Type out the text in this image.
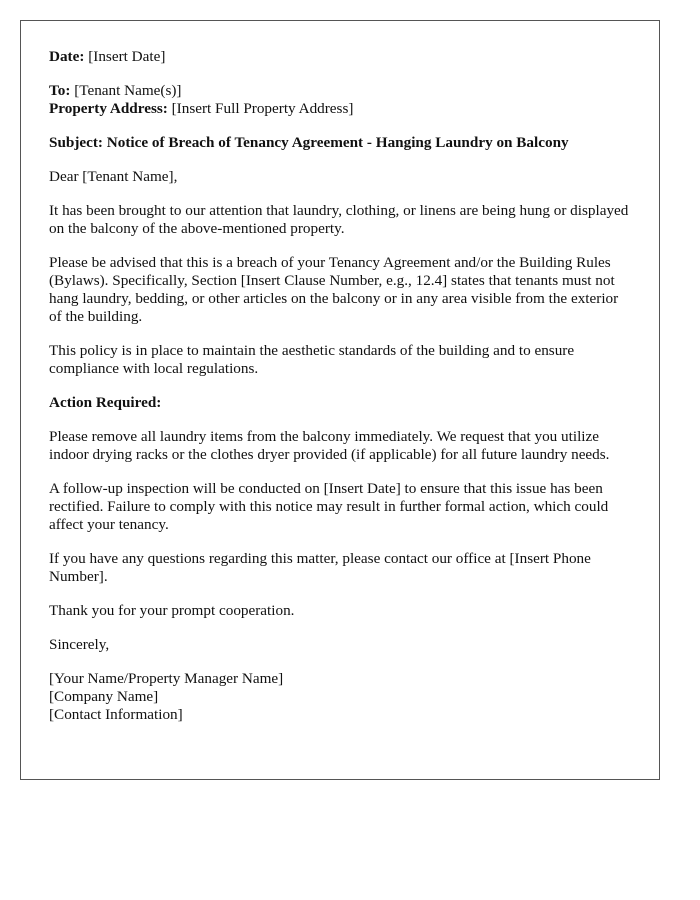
Date: [Insert Date]

To: [Tenant Name(s)]

Property Address: [Insert Full Property Address]

Subject: Notice of Breach of Tenancy Agreement - Hanging Laundry on Balcony

Dear [Tenant Name],

It has been brought to our attention that laundry, clothing, or linens are being hung or displayed on the balcony of the above-mentioned property.

Please be advised that this is a breach of your Tenancy Agreement and/or the Building Rules (Bylaws). Specifically, Section [Insert Clause Number, e.g., 12.4] states that tenants must not hang laundry, bedding, or other articles on the balcony or in any area visible from the exterior of the building.

This policy is in place to maintain the aesthetic standards of the building and to ensure compliance with local regulations.

Action Required:

Please remove all laundry items from the balcony immediately. We request that you utilize indoor drying racks or the clothes dryer provided (if applicable) for all future laundry needs.

A follow-up inspection will be conducted on [Insert Date] to ensure that this issue has been rectified. Failure to comply with this notice may result in further formal action, which could affect your tenancy.

If you have any questions regarding this matter, please contact our office at [Insert Phone Number].

Thank you for your prompt cooperation.

Sincerely,

[Your Name/Property Manager Name]
[Company Name]
[Contact Information]
